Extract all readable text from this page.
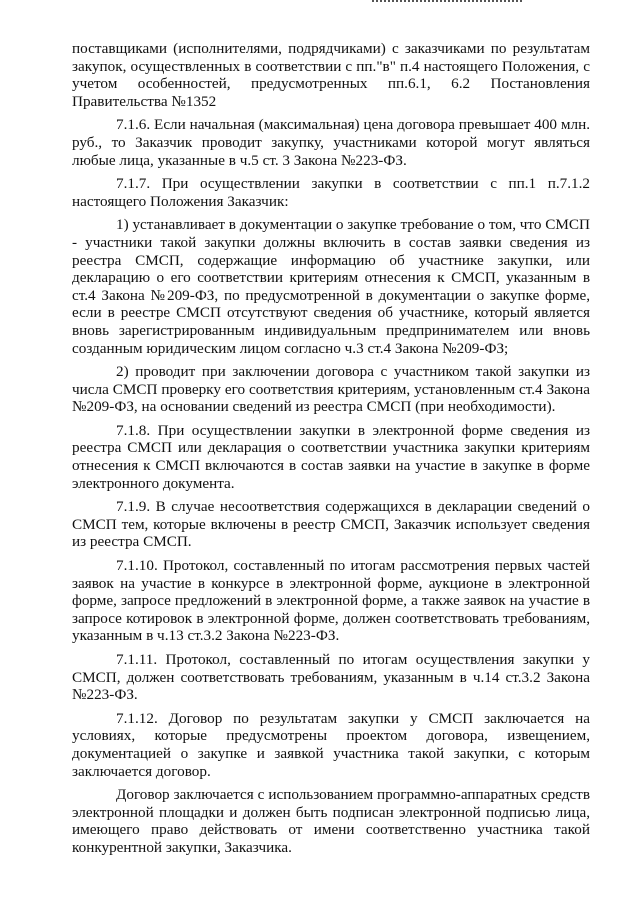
поставщиками (исполнителями, подрядчиками) с заказчиками по результатам закупок, осуществленных в соответствии с пп."в" п.4 настоящего Положения, с учетом особенностей, предусмотренных пп.6.1, 6.2 Постановления Правительства №1352

7.1.6. Если начальная (максимальная) цена договора превышает 400 млн. руб., то Заказчик проводит закупку, участниками которой могут являться любые лица, указанные в ч.5 ст. 3 Закона №223-ФЗ.

7.1.7. При осуществлении закупки в соответствии с пп.1 п.7.1.2 настоящего Положения Заказчик:

1) устанавливает в документации о закупке требование о том, что СМСП - участники такой закупки должны включить в состав заявки сведения из реестра СМСП, содержащие информацию об участнике закупки, или декларацию о его соответствии критериям отнесения к СМСП, указанным в ст.4 Закона №209-ФЗ, по предусмотренной в документации о закупке форме, если в реестре СМСП отсутствуют сведения об участнике, который является вновь зарегистрированным индивидуальным предпринимателем или вновь созданным юридическим лицом согласно ч.3 ст.4 Закона №209-ФЗ;

2) проводит при заключении договора с участником такой закупки из числа СМСП проверку его соответствия критериям, установленным ст.4 Закона №209-ФЗ, на основании сведений из реестра СМСП (при необходимости).

7.1.8. При осуществлении закупки в электронной форме сведения из реестра СМСП или декларация о соответствии участника закупки критериям отнесения к СМСП включаются в состав заявки на участие в закупке в форме электронного документа.

7.1.9. В случае несоответствия содержащихся в декларации сведений о СМСП тем, которые включены в реестр СМСП, Заказчик использует сведения из реестра СМСП.

7.1.10. Протокол, составленный по итогам рассмотрения первых частей заявок на участие в конкурсе в электронной форме, аукционе в электронной форме, запросе предложений в электронной форме, а также заявок на участие в запросе котировок в электронной форме, должен соответствовать требованиям, указанным в ч.13 ст.3.2 Закона №223-ФЗ.

7.1.11. Протокол, составленный по итогам осуществления закупки у СМСП, должен соответствовать требованиям, указанным в ч.14 ст.3.2 Закона №223-ФЗ.

7.1.12. Договор по результатам закупки у СМСП заключается на условиях, которые предусмотрены проектом договора, извещением, документацией о закупке и заявкой участника такой закупки, с которым заключается договор.

Договор заключается с использованием программно-аппаратных средств электронной площадки и должен быть подписан электронной подписью лица, имеющего право действовать от имени соответственно участника такой конкурентной закупки, Заказчика.
